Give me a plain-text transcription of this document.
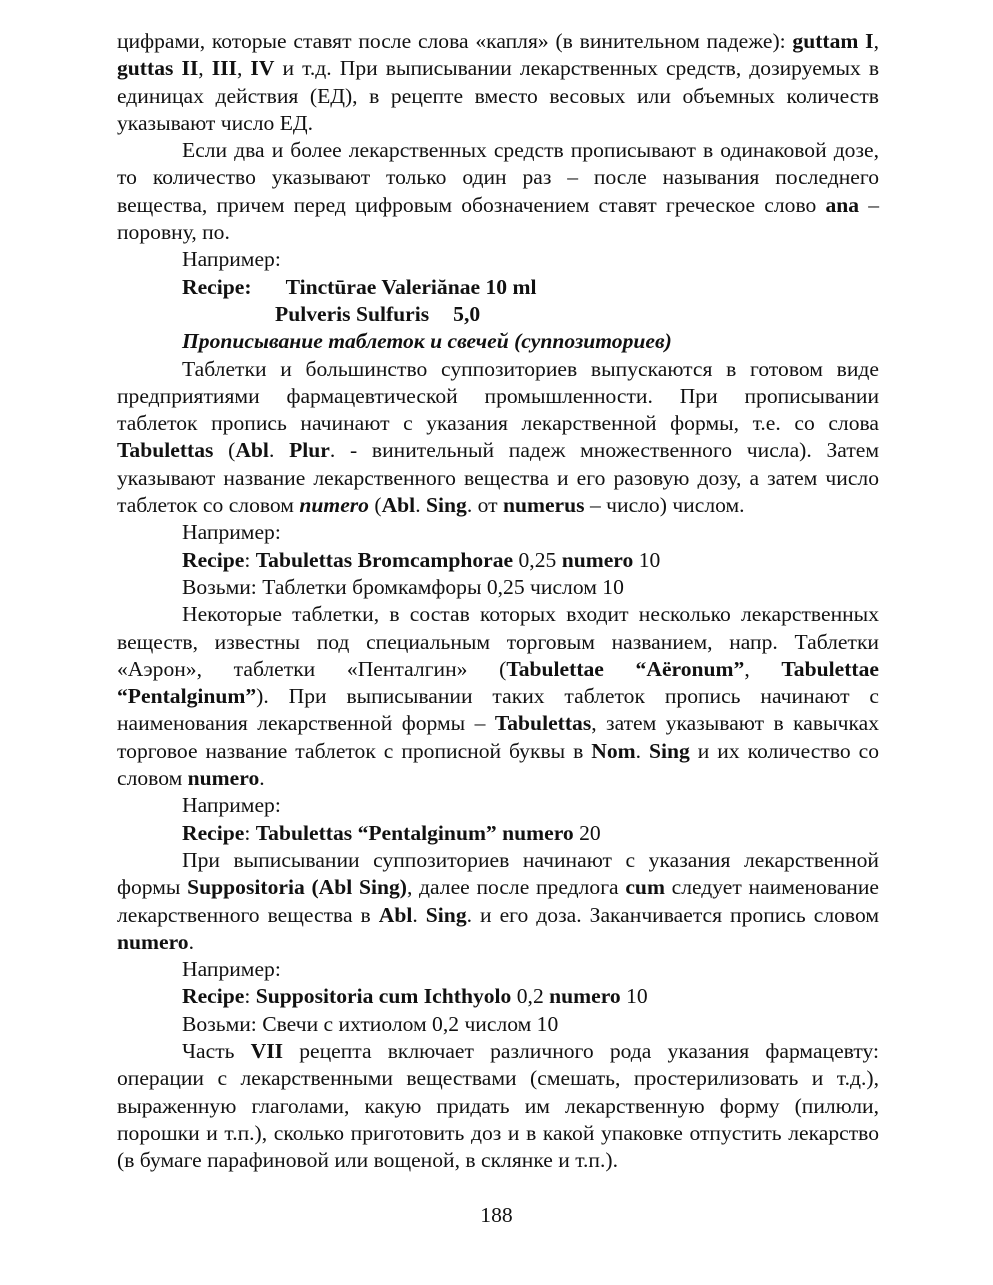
цифрами, которые ставят после слова «капля» (в винительном падеже): guttam I, guttas II, III, IV и т.д. При выписывании лекарственных средств, дозируемых в единицах действия (ЕД), в рецепте вместо весовых или объемных количеств указывают число ЕД.

Если два и более лекарственных средств прописывают в одинаковой дозе, то количество указывают только один раз – после называния последнего вещества, причем перед цифровым обозначением ставят греческое слово ana – поровну, по.

Например:

Recipe: Tinctūrae Valeriănae 10 ml

Pulveris Sulfuris 5,0

Прописывание таблеток и свечей (суппозиториев)

Таблетки и большинство суппозиториев выпускаются в готовом виде предприятиями фармацевтической промышленности. При прописывании таблеток пропись начинают с указания лекарственной формы, т.е. со слова Tabulettas (Abl. Plur. - винительный падеж множественного числа). Затем указывают название лекарственного вещества и его разовую дозу, а затем число таблеток со словом numero (Abl. Sing. от numerus – число) числом.

Например:

Recipe: Tabulettas Bromcamphorae 0,25 numero 10

Возьми: Таблетки бромкамфоры 0,25 числом 10

Некоторые таблетки, в состав которых входит несколько лекарственных веществ, известны под специальным торговым названием, напр. Таблетки «Аэрон», таблетки «Пенталгин» (Tabulettae “Aёronum”, Tabulettae “Pentalginum”). При выписывании таких таблеток пропись начинают с наименования лекарственной формы – Tabulettas, затем указывают в кавычках торговое название таблеток с прописной буквы в Nom. Sing и их количество со словом numero.

Например:

Recipe: Tabulettas “Pentalginum” numero 20

При выписывании суппозиториев начинают с указания лекарственной формы Suppositoria (Abl Sing), далее после предлога cum следует наименование лекарственного вещества в Abl. Sing. и его доза. Заканчивается пропись словом numero.

Например:

Recipe: Suppositoria cum Ichthyolo 0,2 numero 10

Возьми: Свечи с ихтиолом 0,2 числом 10

Часть VII рецепта включает различного рода указания фармацевту: операции с лекарственными веществами (смешать, простерилизовать и т.д.), выраженную глаголами, какую придать им лекарственную форму (пилюли, порошки и т.п.), сколько приготовить доз и в какой упаковке отпустить лекарство (в бумаге парафиновой или вощеной, в склянке и т.п.).

188
